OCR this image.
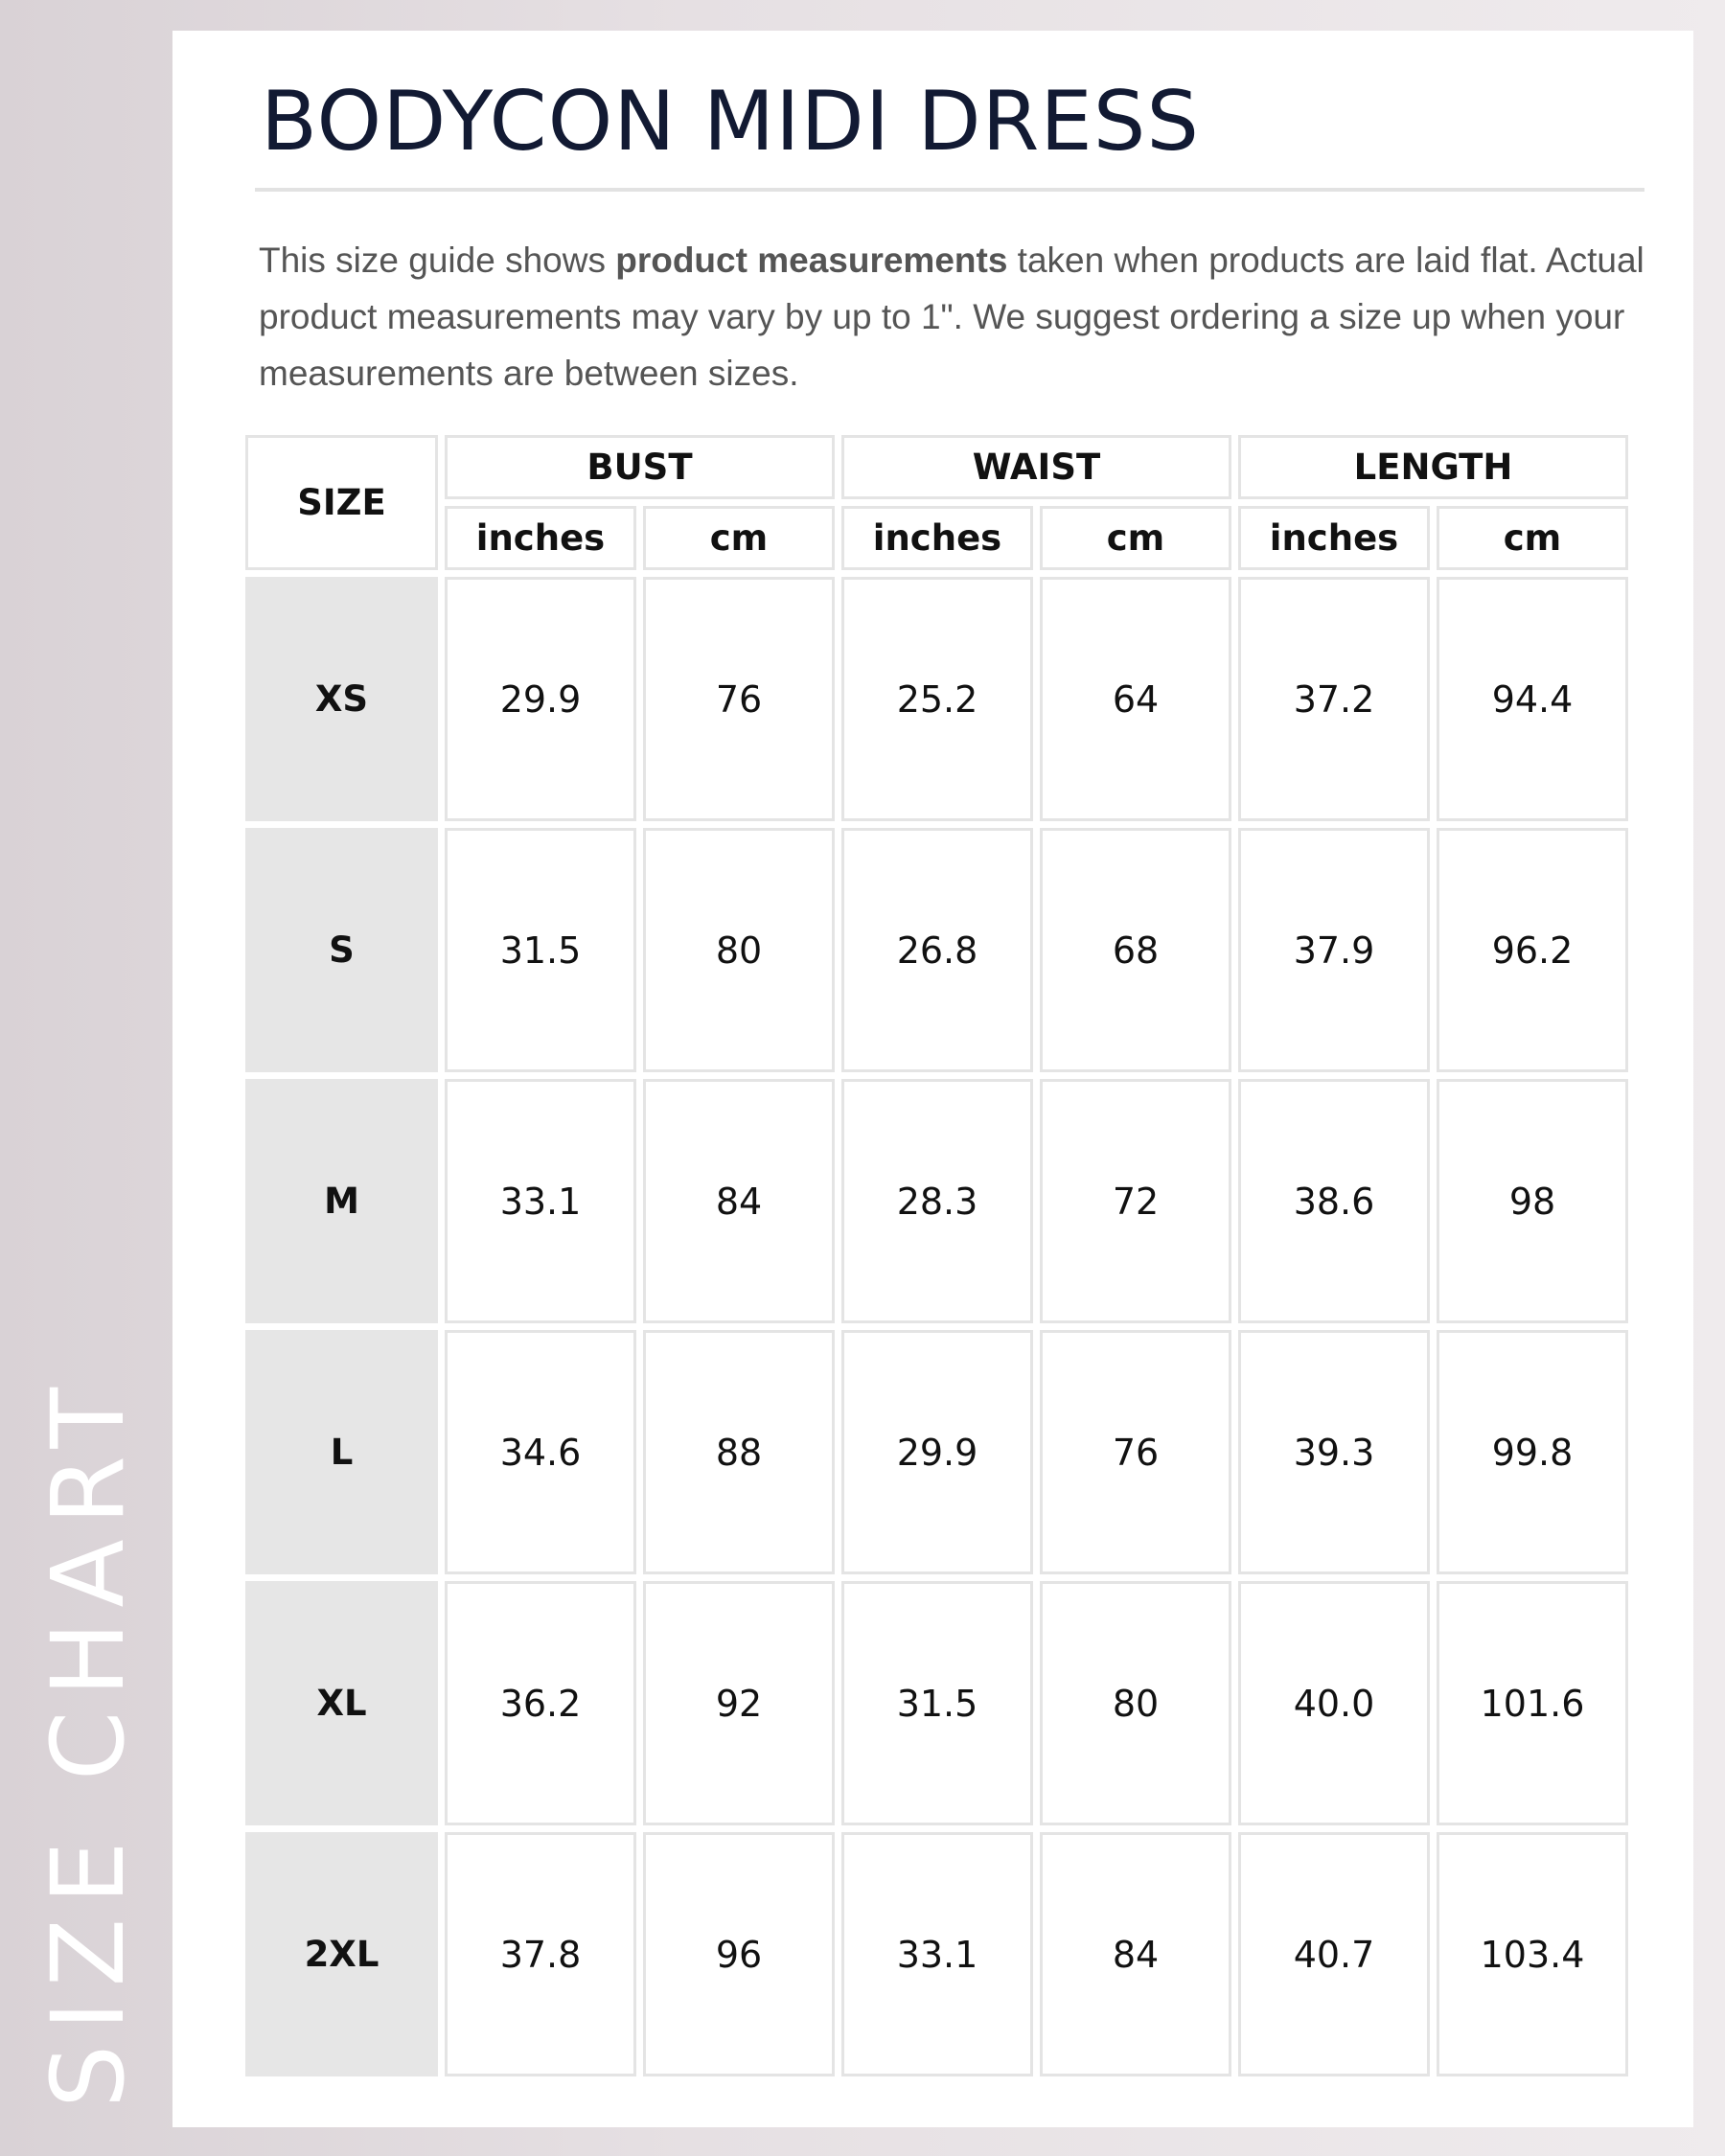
SIZE CHART
BODYCON MIDI DRESS

This size guide shows product measurements taken when products are laid flat. Actual product measurements may vary by up to 1". We suggest ordering a size up when your measurements are between sizes.

SIZE	BUST		WAIST		LENGTH	
	inches	cm	inches	cm	inches	cm
XS	29.9	76	25.2	64	37.2	94.4
S	31.5	80	26.8	68	37.9	96.2
M	33.1	84	28.3	72	38.6	98
L	34.6	88	29.9	76	39.3	99.8
XL	36.2	92	31.5	80	40.0	101.6
2XL	37.8	96	33.1	84	40.7	103.4
